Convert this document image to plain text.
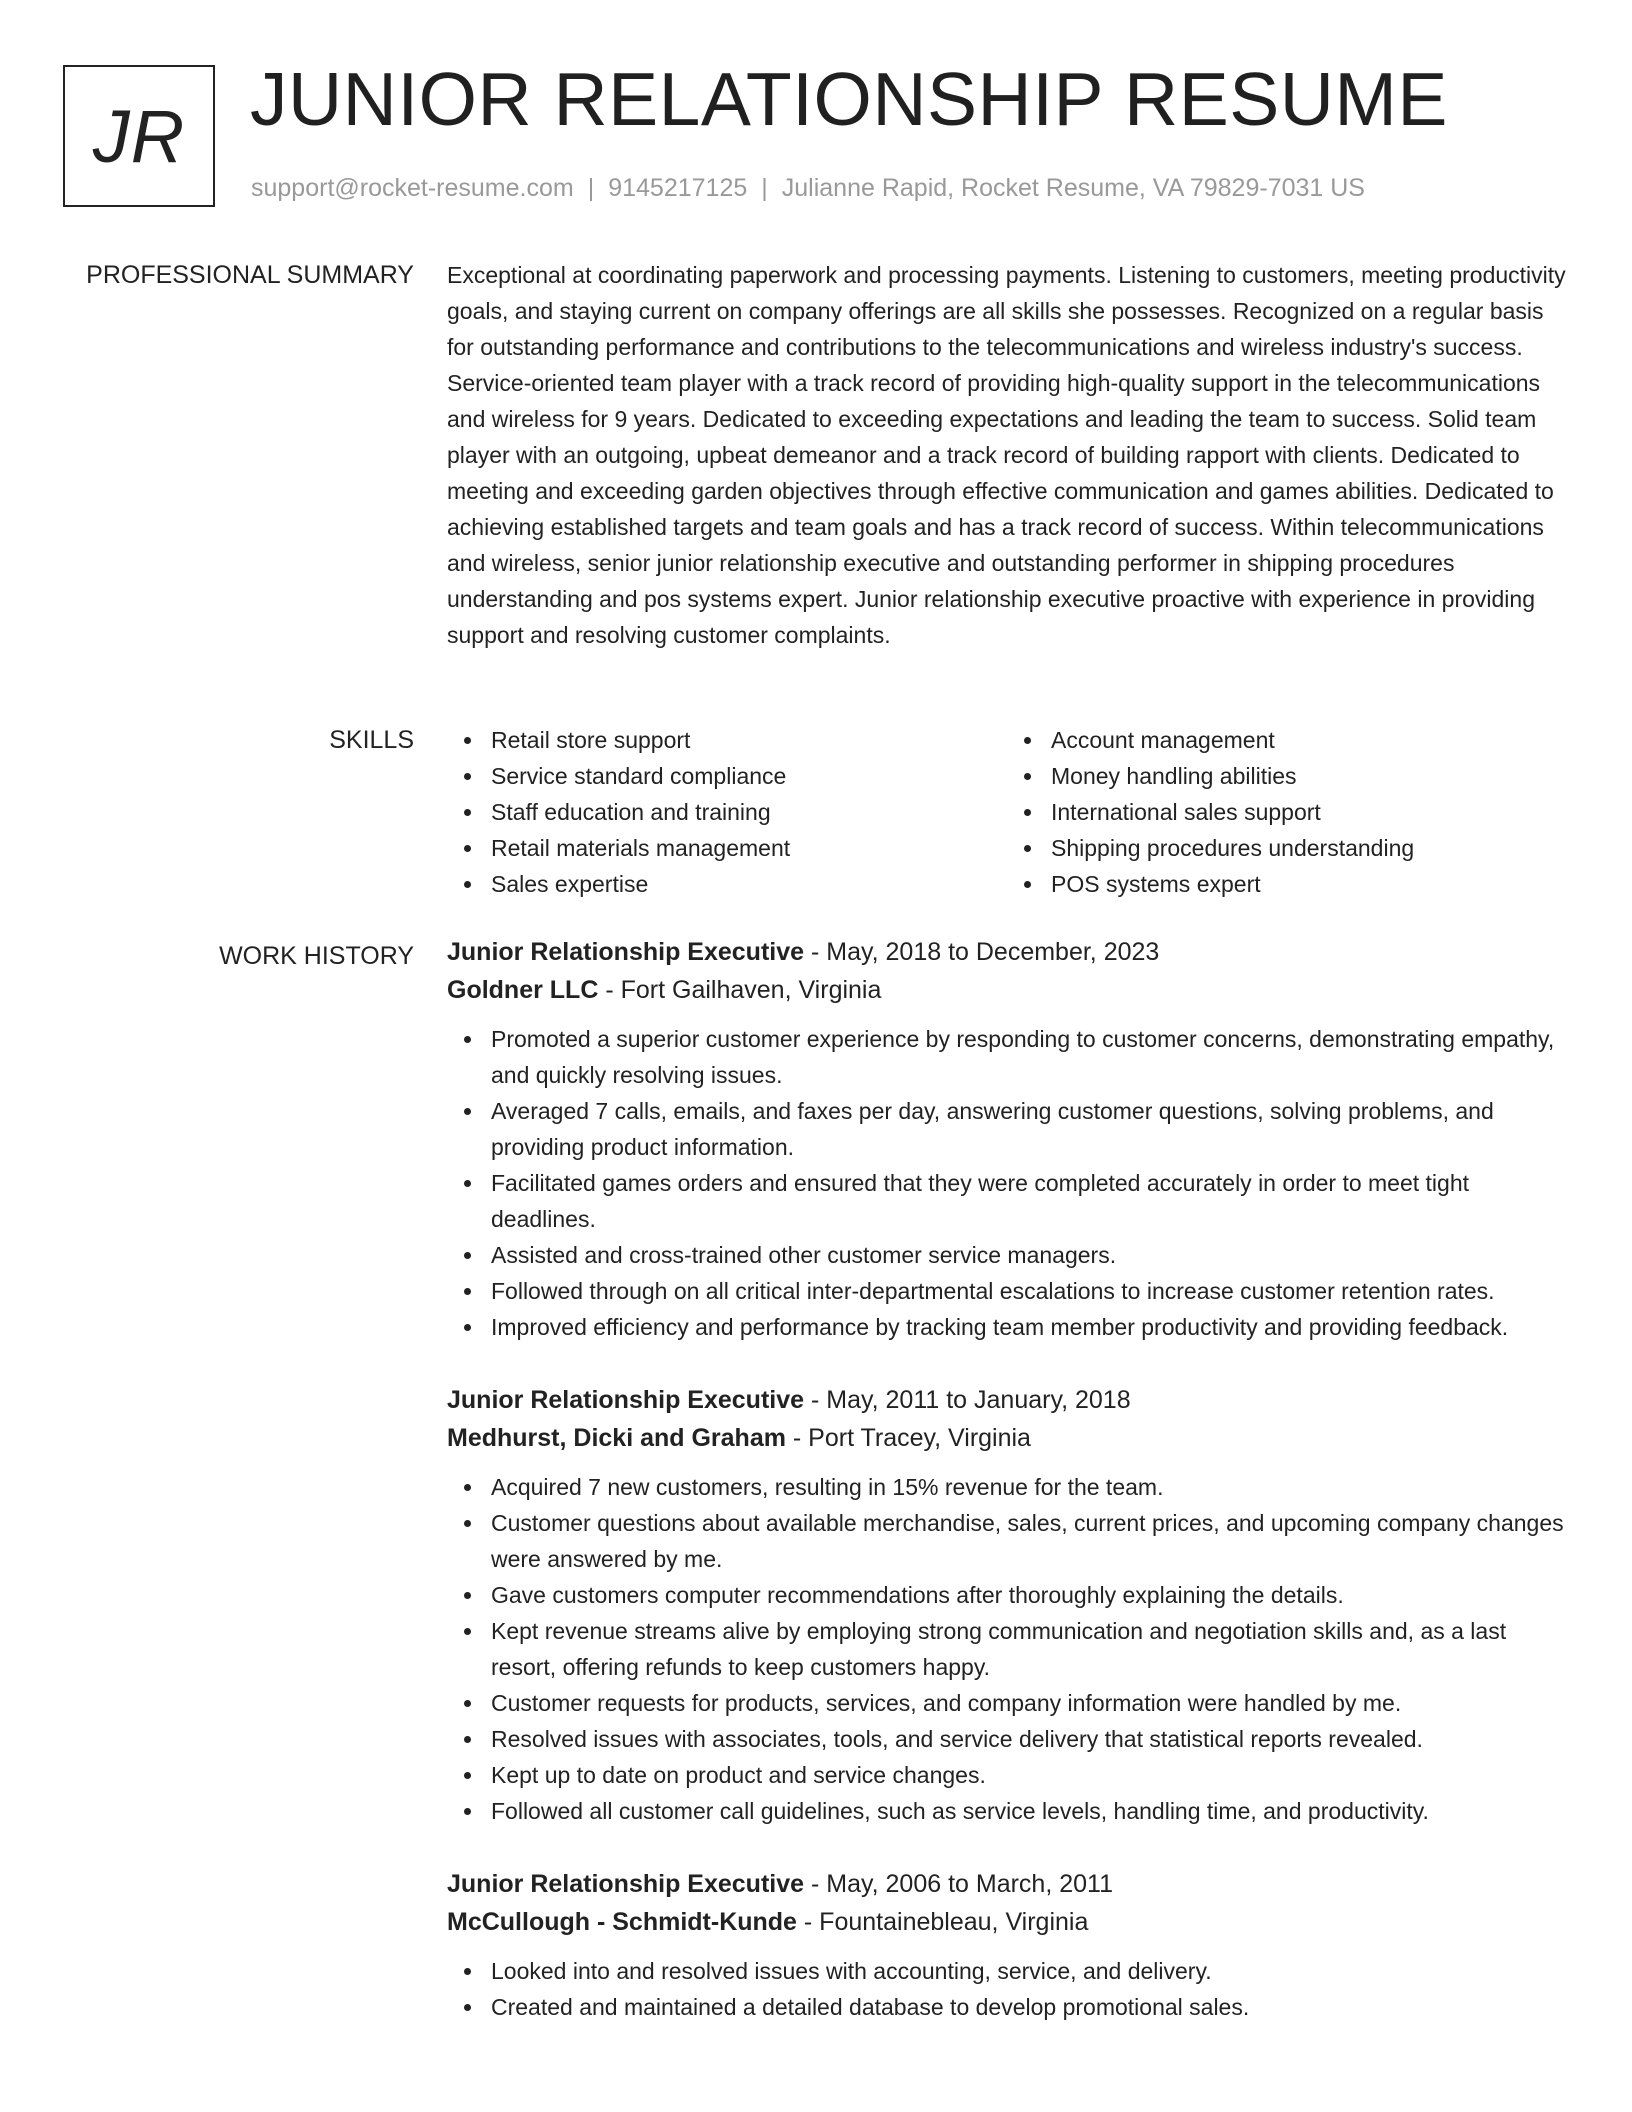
JR JUNIOR RELATIONSHIP RESUME
support@rocket-resume.com | 9145217125 | Julianne Rapid, Rocket Resume, VA 79829-7031 US
PROFESSIONAL SUMMARY Exceptional at coordinating paperwork and processing payments. Listening to customers, meeting productivity goals, and staying current on company offerings are all skills she possesses. Recognized on a regular basis for outstanding performance and contributions to the telecommunications and wireless industry's success. Service-oriented team player with a track record of providing high-quality support in the telecommunications and wireless for 9 years. Dedicated to exceeding expectations and leading the team to success. Solid team player with an outgoing, upbeat demeanor and a track record of building rapport with clients. Dedicated to meeting and exceeding garden objectives through effective communication and games abilities. Dedicated to achieving established targets and team goals and has a track record of success. Within telecommunications and wireless, senior junior relationship executive and outstanding performer in shipping procedures understanding and pos systems expert. Junior relationship executive proactive with experience in providing support and resolving customer complaints.

SKILLS	Retail store support
Service standard compliance
Staff education and training
Retail materials management
Sales expertise
Account management
Money handling abilities
International sales support
Shipping procedures understanding
POS systems expert
WORK HISTORY Junior Relationship Executive - May, 2018 to December, 2023
Goldner LLC - Fort Gailhaven, Virginia
Promoted a superior customer experience by responding to customer concerns, demonstrating empathy, and quickly resolving issues.
Averaged 7 calls, emails, and faxes per day, answering customer questions, solving problems, and providing product information.
Facilitated games orders and ensured that they were completed accurately in order to meet tight deadlines.
Assisted and cross-trained other customer service managers.
Followed through on all critical inter-departmental escalations to increase customer retention rates.
Improved efficiency and performance by tracking team member productivity and providing feedback.
Junior Relationship Executive - May, 2011 to January, 2018
Medhurst, Dicki and Graham - Port Tracey, Virginia
Acquired 7 new customers, resulting in 15% revenue for the team.
Customer questions about available merchandise, sales, current prices, and upcoming company changes were answered by me.
Gave customers computer recommendations after thoroughly explaining the details.
Kept revenue streams alive by employing strong communication and negotiation skills and, as a last resort, offering refunds to keep customers happy.
Customer requests for products, services, and company information were handled by me.
Resolved issues with associates, tools, and service delivery that statistical reports revealed.
Kept up to date on product and service changes.
Followed all customer call guidelines, such as service levels, handling time, and productivity.
Junior Relationship Executive - May, 2006 to March, 2011
McCullough - Schmidt-Kunde - Fountainebleau, Virginia
Looked into and resolved issues with accounting, service, and delivery.
Created and maintained a detailed database to develop promotional sales.
